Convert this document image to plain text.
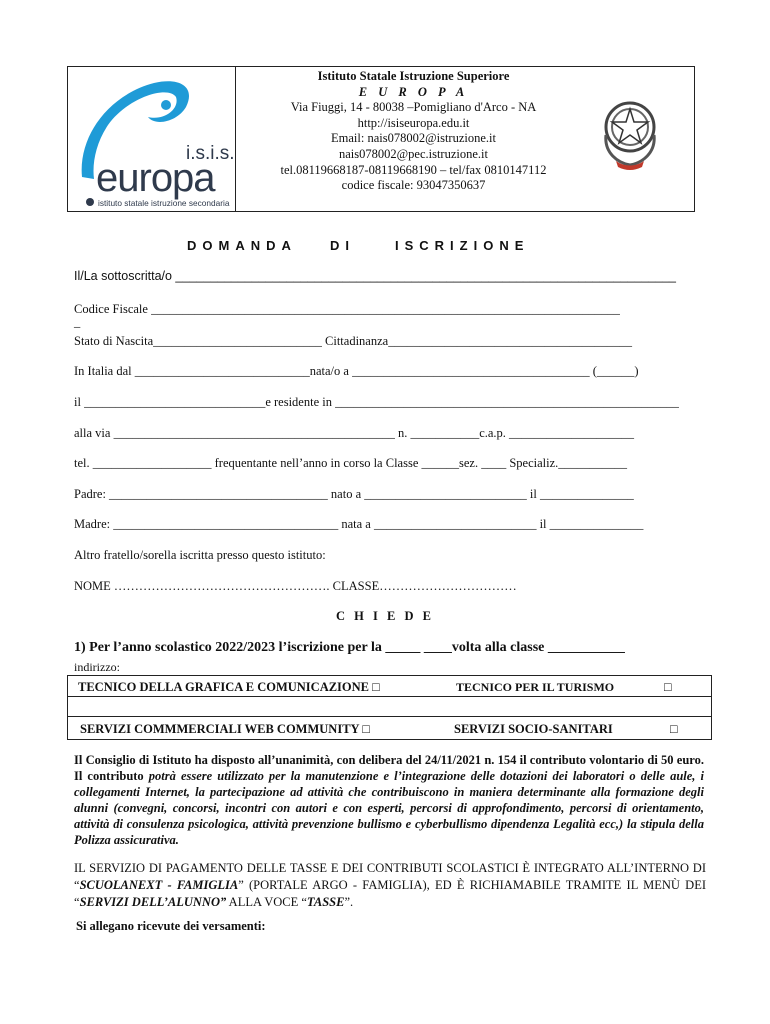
i.s.i.s.
europa
istituto statale istruzione secondaria
Istituto Statale Istruzione Superiore
E U R O P A
Via Fiuggi, 14 - 80038 –Pomigliano d'Arco - NA
http://isiseuropa.edu.it
Email: nais078002@istruzione.it
nais078002@pec.istruzione.it
tel.08119668187-08119668190 – tel/fax 0810147112
codice fiscale: 93047350637
DOMANDA	DI	ISCRIZIONE
Il/La sottoscritta/o ________________________________________________________________________
Codice Fiscale ___________________________________________________________________________
_
Stato di Nascita___________________________ Cittadinanza_______________________________________
In Italia dal ____________________________nata/o a ______________________________________ (______)
il _____________________________e residente in _______________________________________________________
alla via _____________________________________________ n. ___________c.a.p. ____________________
tel. ___________________ frequentante nell’anno in corso la Classe ______sez. ____ Specializ.___________
Padre: ___________________________________ nato a __________________________ il _______________
Madre: ____________________________________ nata a __________________________ il _______________
Altro fratello/sorella iscritta presso questo istituto:
NOME ……………………………………………. CLASSE……………………………
C H I E D E
1) Per l’anno scolastico 2022/2023 l’iscrizione per la _____ ____volta alla classe ___________
indirizzo:
TECNICO DELLA GRAFICA E COMUNICAZIONE □	TECNICO PER IL TURISMO	□
SERVIZI COMMMERCIALI WEB COMMUNITY □	SERVIZI SOCIO-SANITARI	□
Il Consiglio di Istituto ha disposto all’unanimità, con delibera del 24/11/2021 n. 154 il contributo volontario di 50 euro. Il contributo potrà essere utilizzato per la manutenzione e l’integrazione delle dotazioni dei laboratori o delle aule, i collegamenti Internet, la partecipazione ad attività che contribuiscono in maniera determinante alla formazione degli alunni (convegni, concorsi, incontri con autori e con esperti, percorsi di approfondimento, percorsi di orientamento, attività di consulenza psicologica, attività prevenzione bullismo e cyberbullismo dipendenza Legalità ecc,) la stipula della Polizza assicurativa.
IL SERVIZIO DI PAGAMENTO DELLE TASSE E DEI CONTRIBUTI SCOLASTICI È INTEGRATO ALL’INTERNO DI “SCUOLANEXT - FAMIGLIA” (PORTALE ARGO - FAMIGLIA), ED È RICHIAMABILE TRAMITE IL MENÙ DEI “SERVIZI DELL’ALUNNO” ALLA VOCE “TASSE”.
Si allegano ricevute dei versamenti:
